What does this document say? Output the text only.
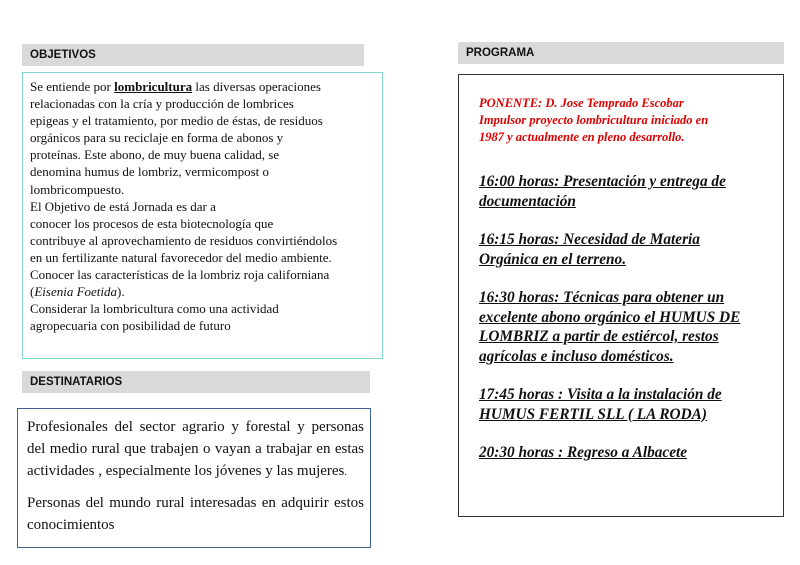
OBJETIVOS
Se entiende por lombricultura las diversas operaciones
relacionadas con la cría y producción de lombrices
epigeas y el tratamiento, por medio de éstas, de residuos
orgánicos para su reciclaje en forma de abonos y
proteínas. Este abono, de muy buena calidad, se
denomina humus de lombriz, vermicompost o
lombricompuesto.
El Objetivo de está Jornada es dar a
conocer los procesos de esta biotecnología que
contribuye al aprovechamiento de residuos convirtiéndolos
en un fertilizante natural favorecedor del medio ambiente.
Conocer las características de la lombriz roja californiana
(Eisenia Foetida).
Considerar la lombricultura como una actividad
agropecuaria con posibilidad de futuro
DESTINATARIOS

Profesionales del sector agrario y forestal y personas del medio rural que trabajen o vayan a trabajar en estas actividades , especialmente los jóvenes y las mujeres.

Personas del mundo rural interesadas en adquirir estos conocimientos

PROGRAMA
PONENTE: D. Jose Temprado Escobar
Impulsor proyecto lombricultura iniciado en
1987 y actualmente en pleno desarrollo.
16:00 horas: Presentación y entrega de
documentación
16:15 horas: Necesidad de Materia
Orgánica en el terreno.
16:30 horas: Técnicas para obtener un
excelente abono orgánico el HUMUS DE
LOMBRIZ a partir de estiércol, restos
agrícolas e incluso domésticos.
17:45 horas : Visita a la instalación de
HUMUS FERTIL SLL ( LA RODA)
20:30 horas : Regreso a Albacete
